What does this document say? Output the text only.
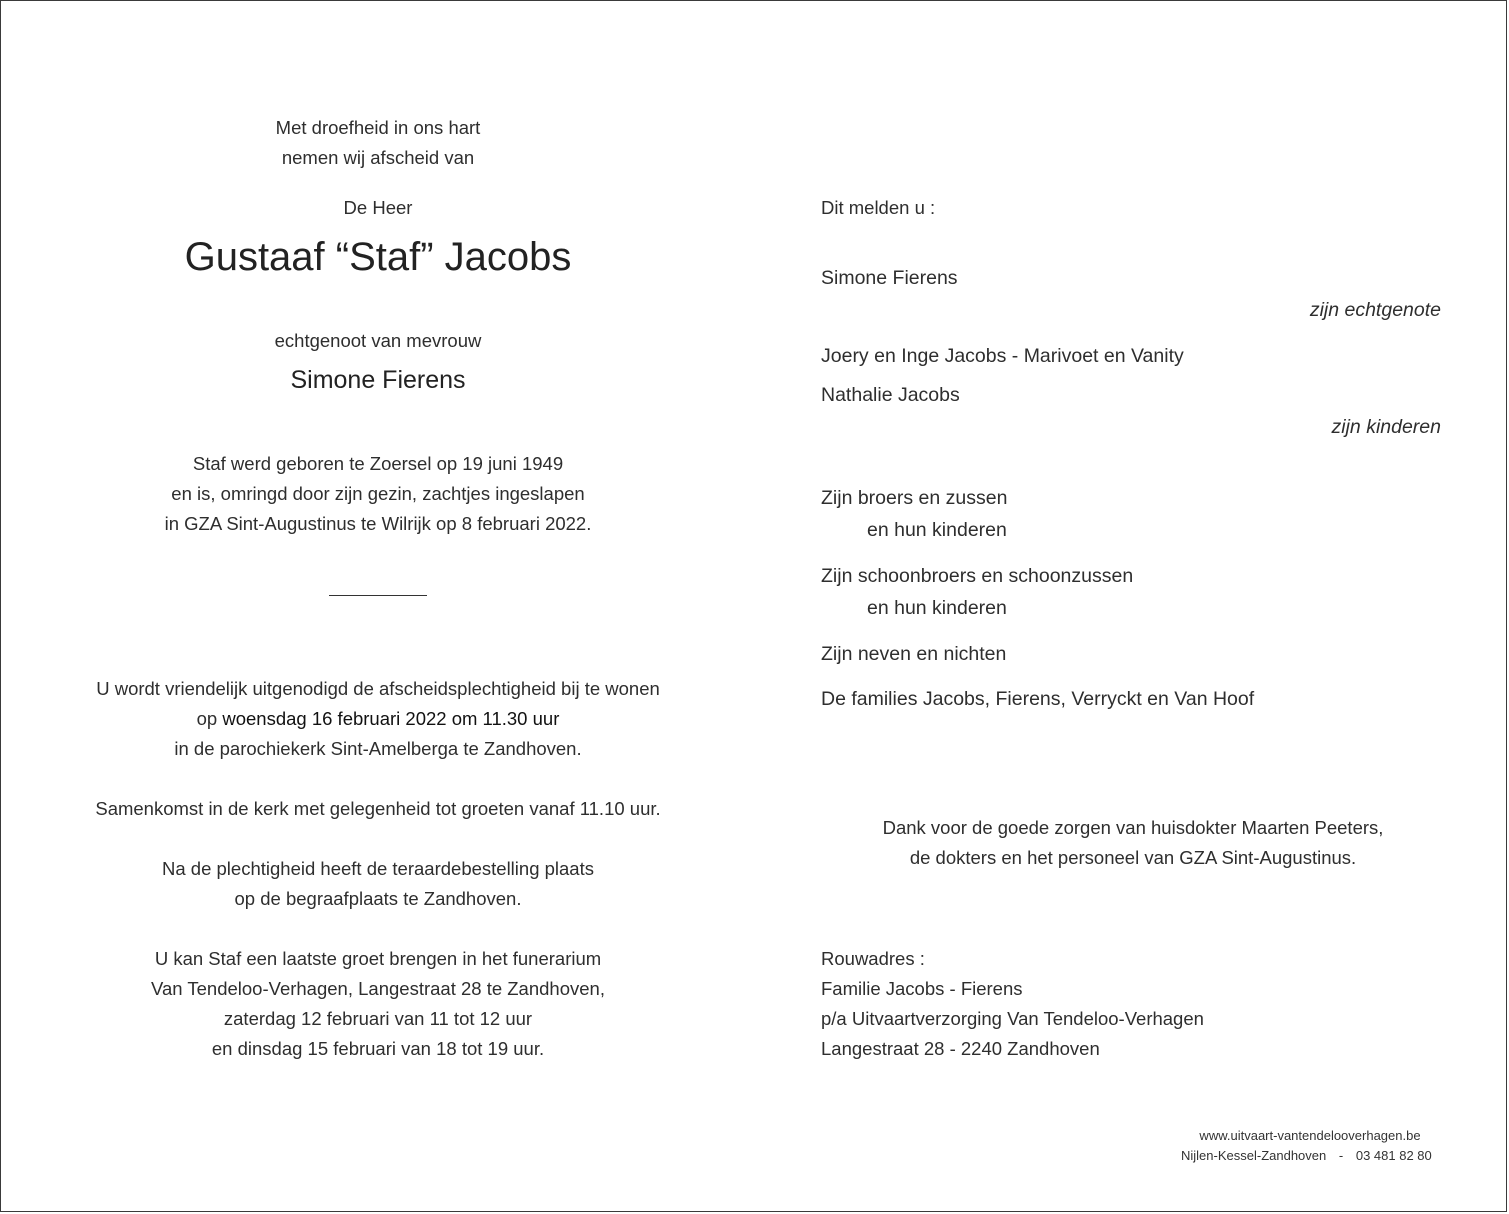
Met droefheid in ons hart
nemen wij afscheid van
De Heer
Gustaaf “Staf” Jacobs
echtgenoot van mevrouw
Simone Fierens
Staf werd geboren te Zoersel op 19 juni 1949
en is, omringd door zijn gezin, zachtjes ingeslapen
in GZA Sint-Augustinus te Wilrijk op 8 februari 2022.
U wordt vriendelijk uitgenodigd de afscheidsplechtigheid bij te wonen
op woensdag 16 februari 2022 om 11.30 uur
in de parochiekerk Sint-Amelberga te Zandhoven.
Samenkomst in de kerk met gelegenheid tot groeten vanaf 11.10 uur.
Na de plechtigheid heeft de teraardebestelling plaats
op de begraafplaats te Zandhoven.
U kan Staf een laatste groet brengen in het funerarium
Van Tendeloo-Verhagen, Langestraat 28 te Zandhoven,
zaterdag 12 februari van 11 tot 12 uur
en dinsdag 15 februari van 18 tot 19 uur.
Dit melden u :
Simone Fierens
zijn echtgenote
Joery en Inge Jacobs - Marivoet en Vanity
Nathalie Jacobs
zijn kinderen
Zijn broers en zussen
en hun kinderen
Zijn schoonbroers en schoonzussen
en hun kinderen
Zijn neven en nichten
De families Jacobs, Fierens, Verryckt en Van Hoof
Dank voor de goede zorgen van huisdokter Maarten Peeters,
de dokters en het personeel van GZA Sint-Augustinus.
Rouwadres :
Familie Jacobs - Fierens
p/a Uitvaartverzorging Van Tendeloo-Verhagen
Langestraat 28 - 2240 Zandhoven
www.uitvaart-vantendelooverhagen.be
Nijlen-Kessel-Zandhoven - 03 481 82 80
